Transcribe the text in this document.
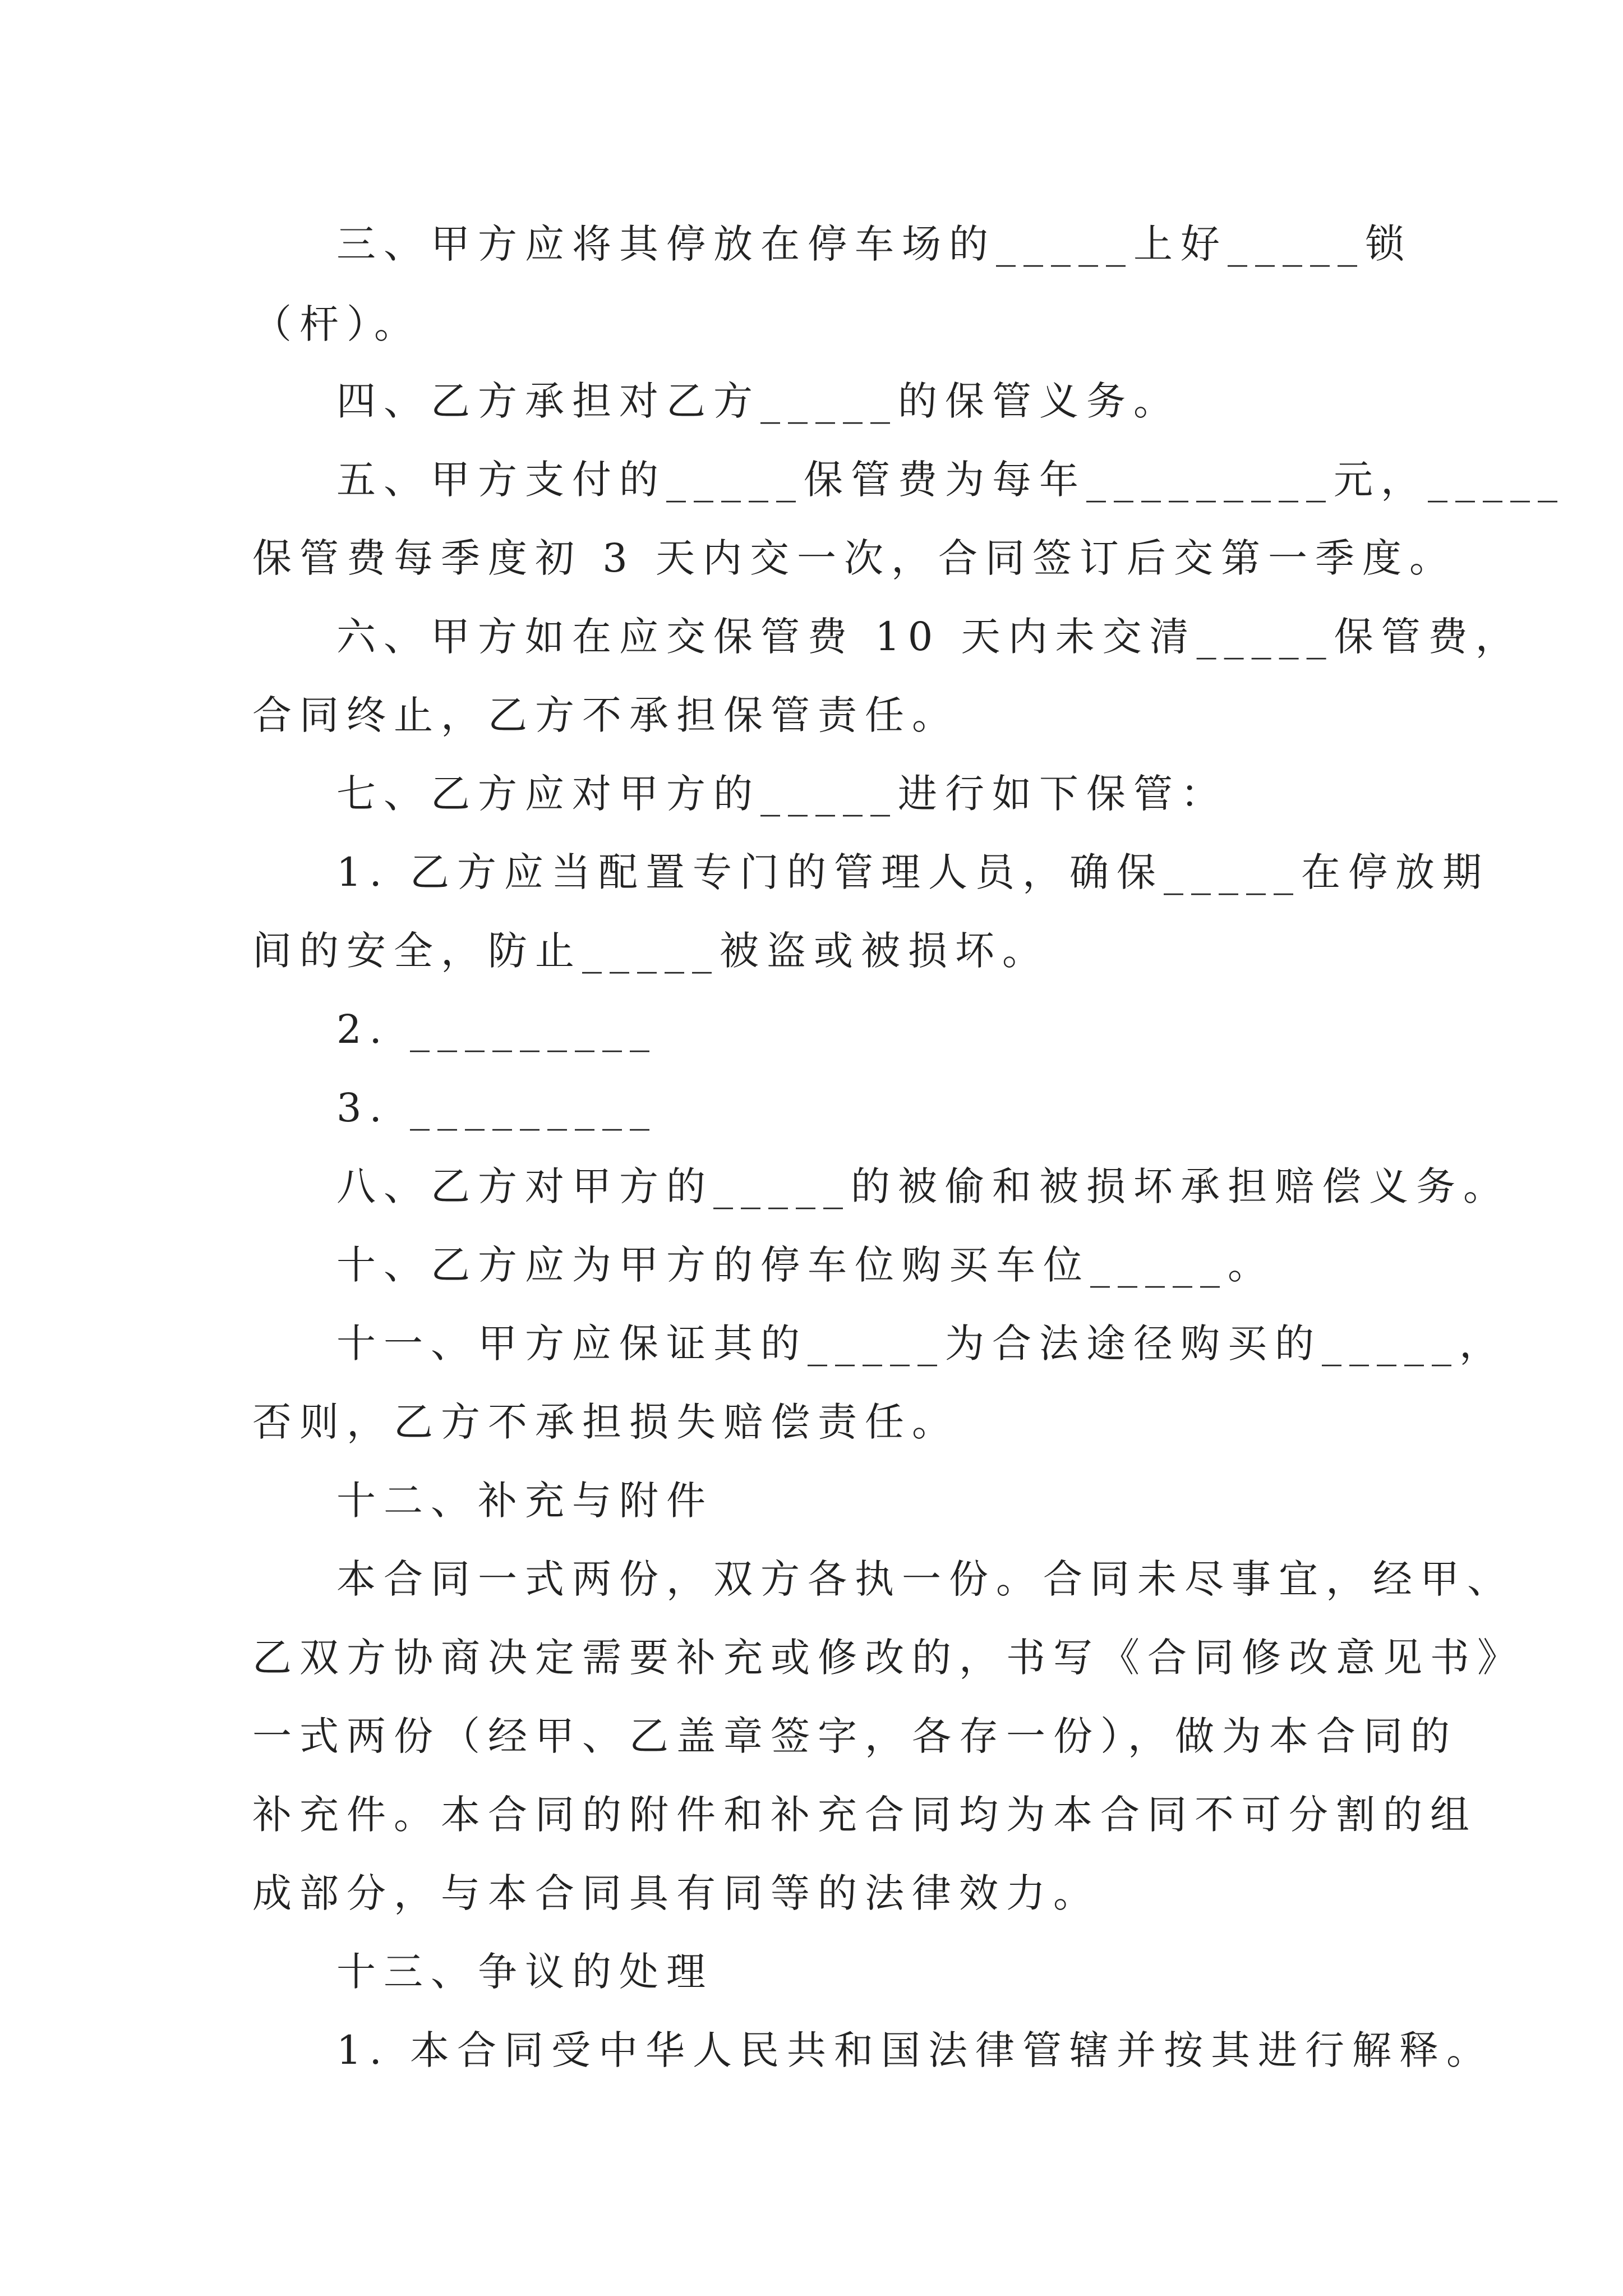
三、甲方应将其停放在停车场的_____上好_____锁
（杆）。
四、乙方承担对乙方_____的保管义务。
五、甲方支付的_____保管费为每年_________元，_____
保管费每季度初 3 天内交一次，合同签订后交第一季度。
六、甲方如在应交保管费 10 天内未交清_____保管费，
合同终止，乙方不承担保管责任。
七、乙方应对甲方的_____进行如下保管：
1. 乙方应当配置专门的管理人员，确保_____在停放期
间的安全，防止_____被盗或被损坏。
2. _________
3. _________
八、乙方对甲方的_____的被偷和被损坏承担赔偿义务。
十、乙方应为甲方的停车位购买车位_____。
十一、甲方应保证其的_____为合法途径购买的_____，
否则，乙方不承担损失赔偿责任。
十二、补充与附件
本合同一式两份，双方各执一份。合同未尽事宜，经甲、
乙双方协商决定需要补充或修改的，书写《合同修改意见书》
一式两份（经甲、乙盖章签字，各存一份），做为本合同的
补充件。本合同的附件和补充合同均为本合同不可分割的组
成部分，与本合同具有同等的法律效力。
十三、争议的处理
1. 本合同受中华人民共和国法律管辖并按其进行解释。
